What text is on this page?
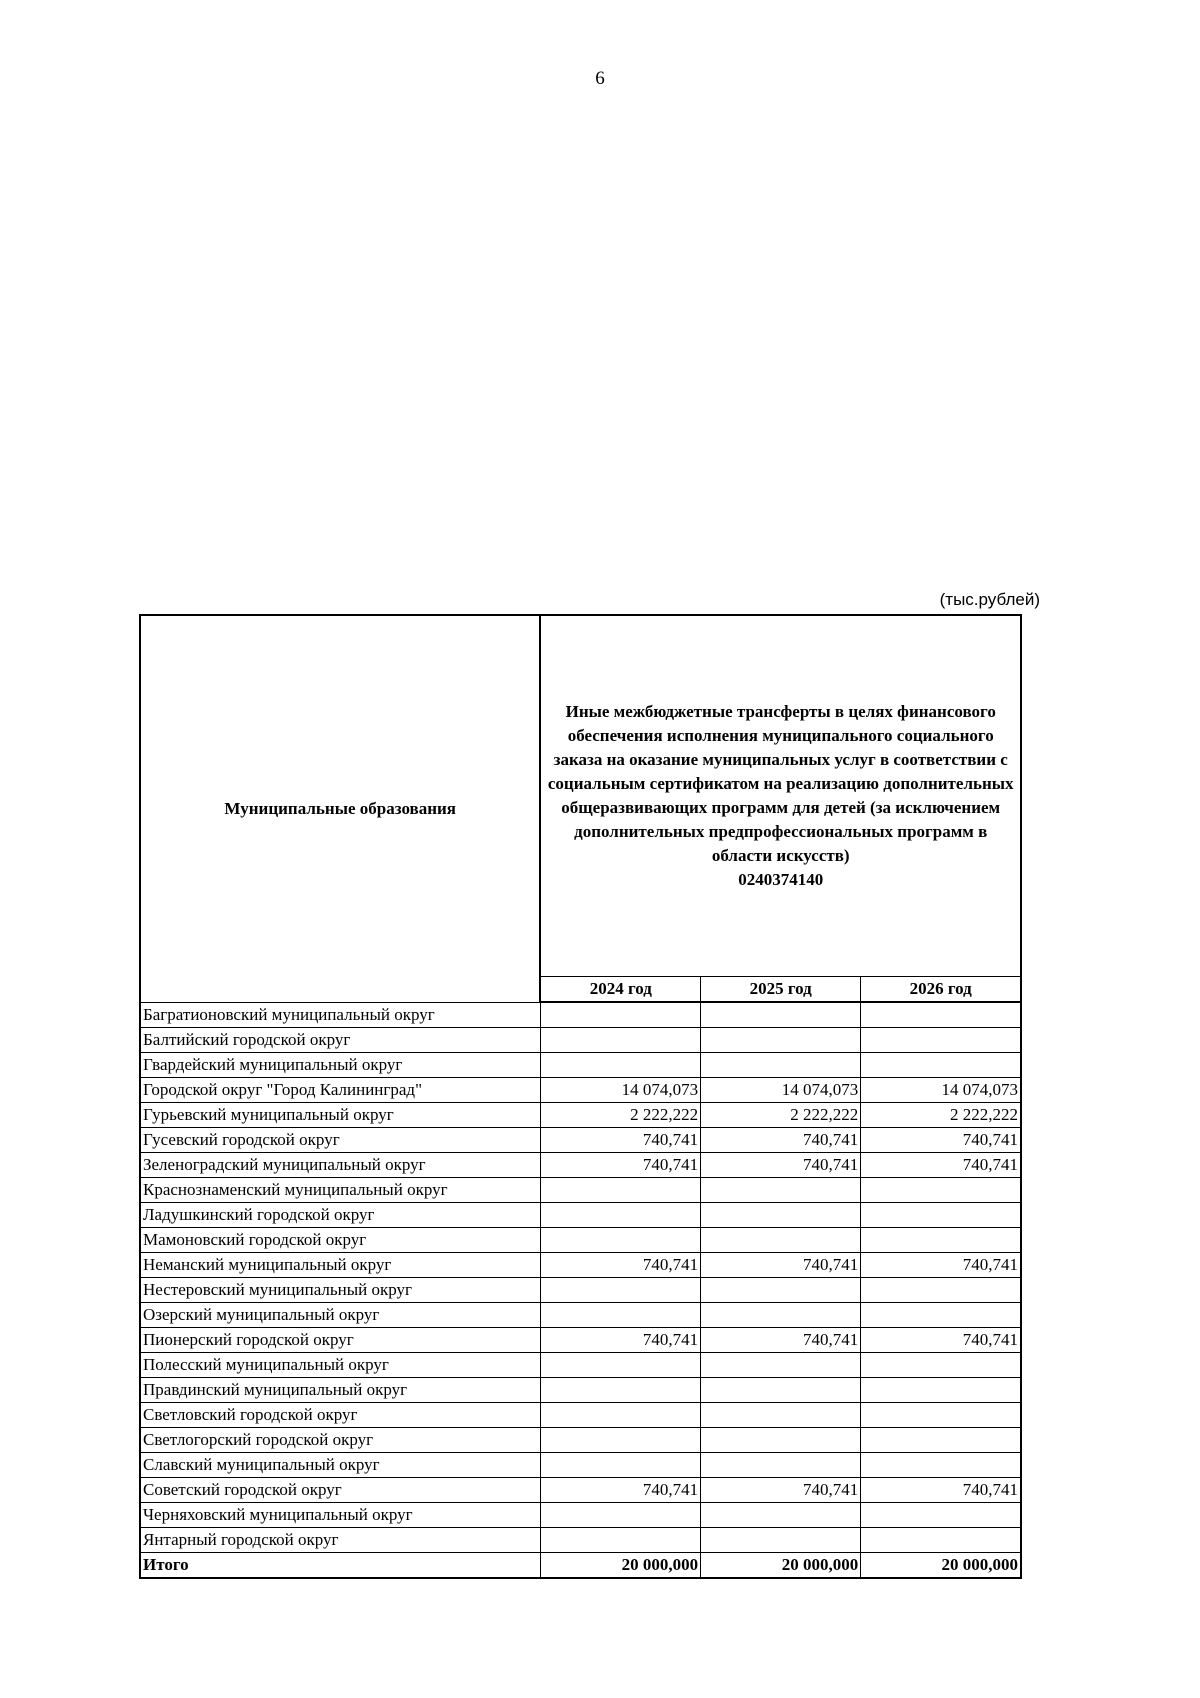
6
(тыс.рублей)
Муниципальные образования	Иные межбюджетные трансферты в целях финансового обеспечения исполнения муниципального социального заказа на оказание муниципальных услуг в соответствии с социальным сертификатом на реализацию дополнительных общеразвивающих программ для детей (за исключением дополнительных предпрофессиональных программ в области искусств)
0240374140		

	2024 год	2025 год	2026 год
Багратионовский муниципальный округ			
Балтийский городской округ			
Гвардейский муниципальный округ			
Городской округ "Город Калининград"	14 074,073	14 074,073	14 074,073
Гурьевский муниципальный округ	2 222,222	2 222,222	2 222,222
Гусевский городской округ	740,741	740,741	740,741
Зеленоградский муниципальный округ	740,741	740,741	740,741
Краснознаменский муниципальный округ			
Ладушкинский городской округ			
Мамоновский городской округ			
Неманский муниципальный округ	740,741	740,741	740,741
Нестеровский муниципальный округ			
Озерский муниципальный округ			
Пионерский городской округ	740,741	740,741	740,741
Полесский муниципальный округ			
Правдинский муниципальный округ			
Светловский городской округ			
Светлогорский городской округ			
Славский муниципальный округ			
Советский городской округ	740,741	740,741	740,741
Черняховский муниципальный округ			
Янтарный городской округ			
Итого	20 000,000	20 000,000	20 000,000
